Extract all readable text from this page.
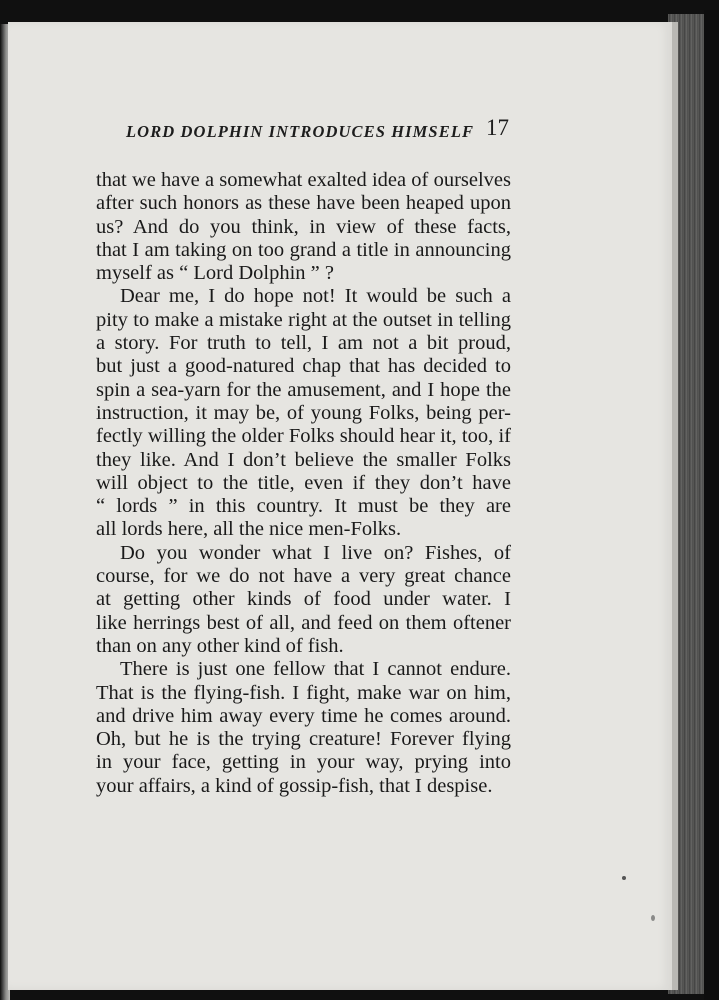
LORD DOLPHIN INTRODUCES HIMSELF 17
that we have a somewhat exalted idea of ourselves
after such honors as these have been heaped upon
us? And do you think, in view of these facts,
that I am taking on too grand a title in announcing
myself as “ Lord Dolphin ” ?
Dear me, I do hope not! It would be such a
pity to make a mistake right at the outset in telling
a story. For truth to tell, I am not a bit proud,
but just a good-natured chap that has decided to
spin a sea-yarn for the amusement, and I hope the
instruction, it may be, of young Folks, being per-
fectly willing the older Folks should hear it, too, if
they like. And I don’t believe the smaller Folks
will object to the title, even if they don’t have
“ lords ” in this country. It must be they are
all lords here, all the nice men-Folks.
Do you wonder what I live on? Fishes, of
course, for we do not have a very great chance
at getting other kinds of food under water. I
like herrings best of all, and feed on them oftener
than on any other kind of fish.
There is just one fellow that I cannot endure.
That is the flying-fish. I fight, make war on him,
and drive him away every time he comes around.
Oh, but he is the trying creature! Forever flying
in your face, getting in your way, prying into
your affairs, a kind of gossip-fish, that I despise.
